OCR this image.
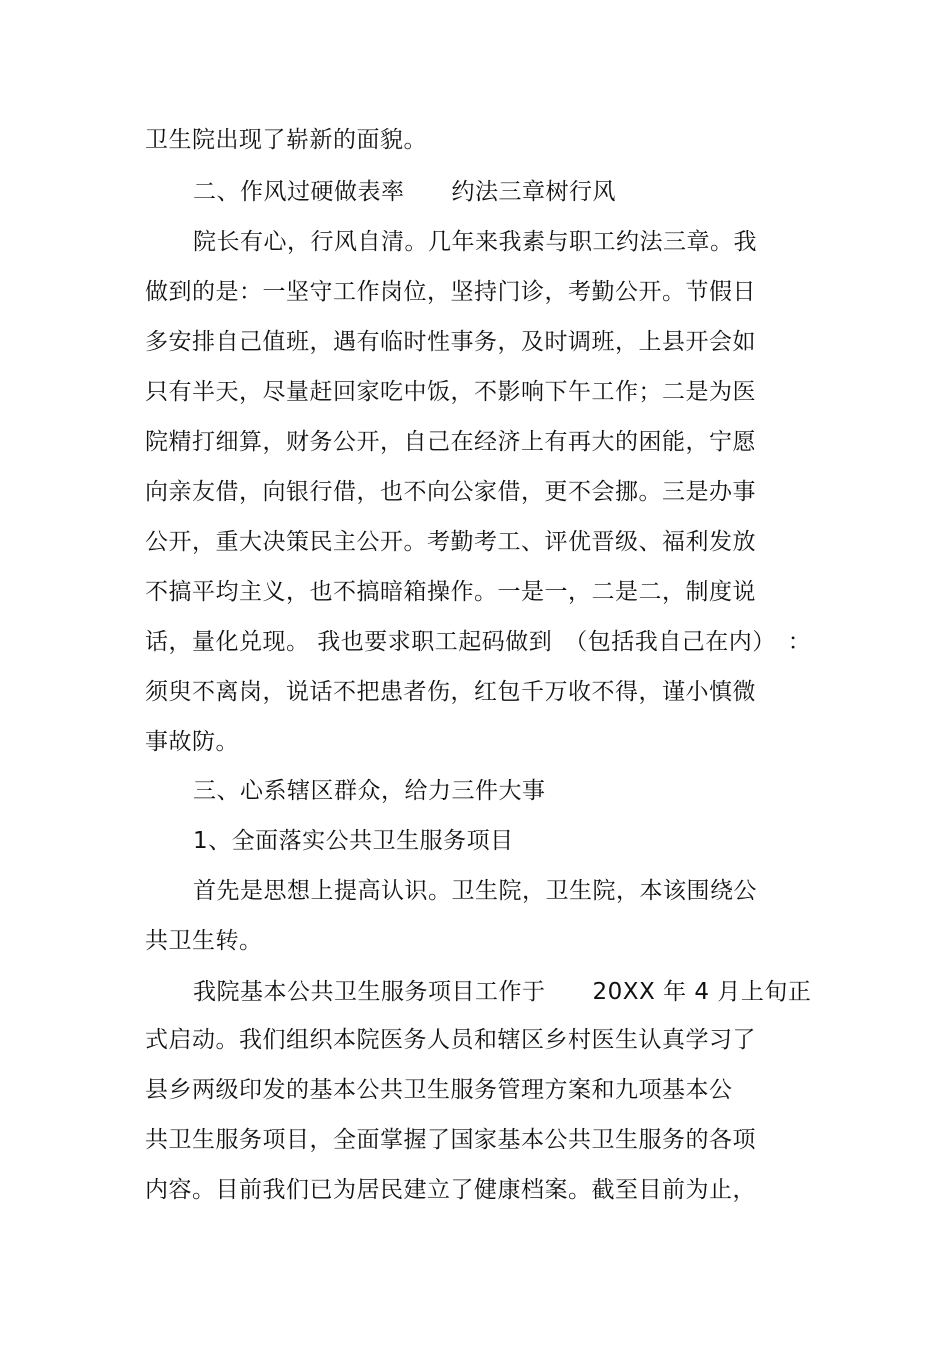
卫生院出现了崭新的面貌。
二、作风过硬做表率　　约法三章树行风
院长有心，行风自清。几年来我素与职工约法三章。我
做到的是：一坚守工作岗位，坚持门诊，考勤公开。节假日
多安排自己值班，遇有临时性事务，及时调班，上县开会如
只有半天，尽量赶回家吃中饭，不影响下午工作；二是为医
院精打细算，财务公开，自己在经济上有再大的困能，宁愿
向亲友借，向银行借，也不向公家借，更不会挪。三是办事
公开，重大决策民主公开。考勤考工、评优晋级、福利发放
不搞平均主义，也不搞暗箱操作。一是一，二是二，制度说
话，量化兑现。 我也要求职工起码做到　（包括我自己在内）　：
须臾不离岗，说话不把患者伤，红包千万收不得，谨小慎微
事故防。
三、心系辖区群众，给力三件大事
1、全面落实公共卫生服务项目
首先是思想上提高认识。卫生院，卫生院，本该围绕公
共卫生转。
我院基本公共卫生服务项目工作于　　20XX 年 4 月上旬正
式启动。我们组织本院医务人员和辖区乡村医生认真学习了
县乡两级印发的基本公共卫生服务管理方案和九项基本公
共卫生服务项目，全面掌握了国家基本公共卫生服务的各项
内容。目前我们已为居民建立了健康档案。截至目前为止，
